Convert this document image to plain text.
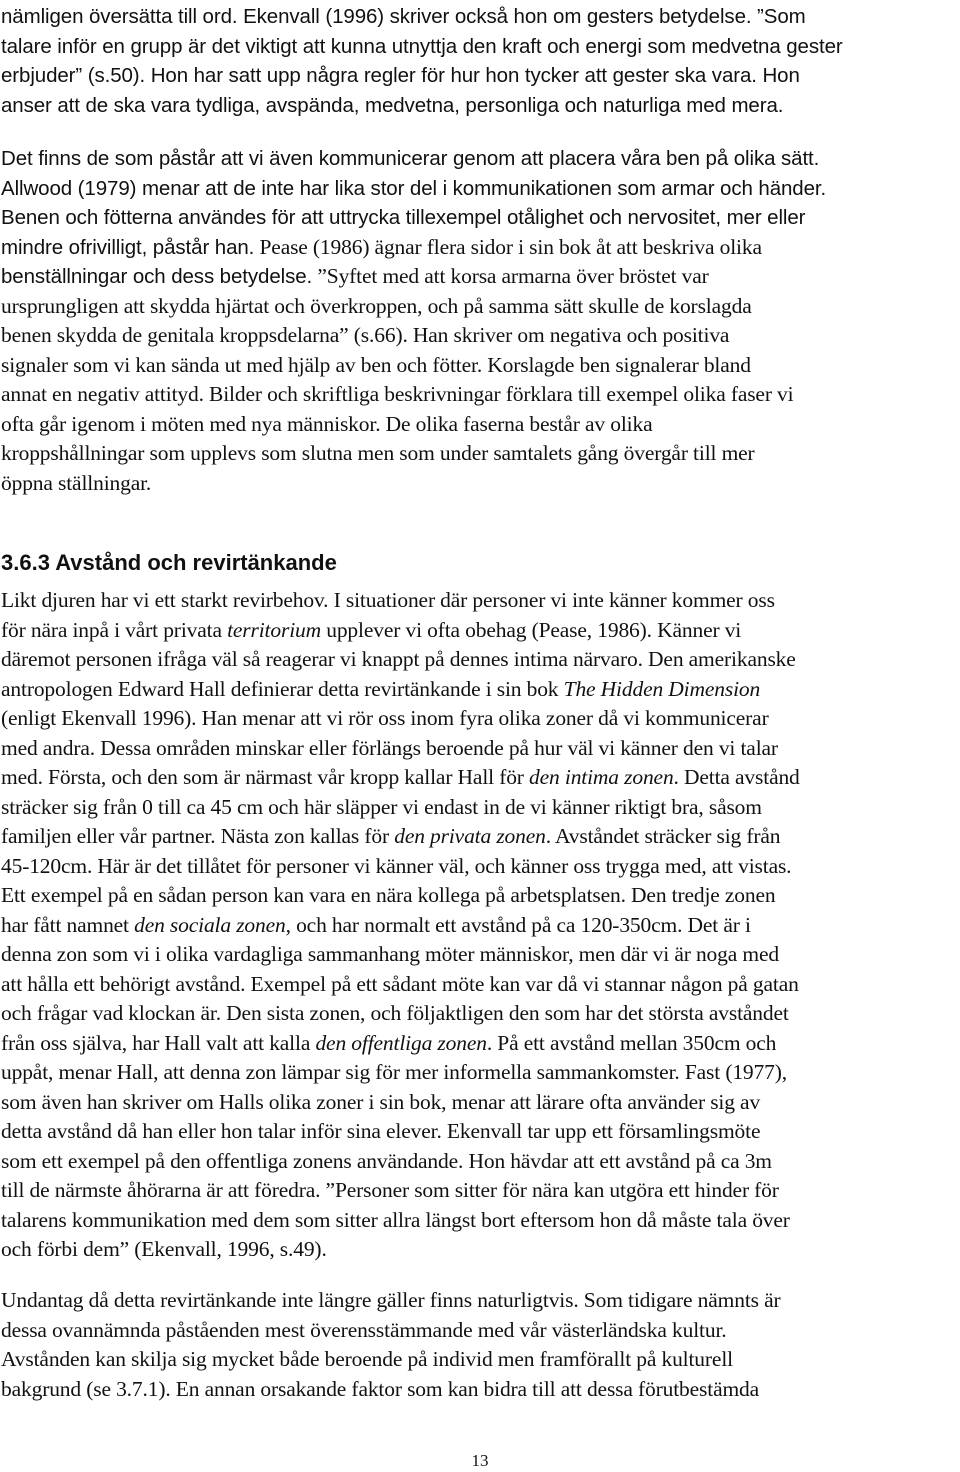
nämligen översätta till ord. Ekenvall (1996) skriver också hon om gesters betydelse. ”Som
talare inför en grupp är det viktigt att kunna utnyttja den kraft och energi som medvetna gester
erbjuder” (s.50). Hon har satt upp några regler för hur hon tycker att gester ska vara. Hon
anser att de ska vara tydliga, avspända, medvetna, personliga och naturliga med mera.
Det finns de som påstår att vi även kommunicerar genom att placera våra ben på olika sätt.
Allwood (1979) menar att de inte har lika stor del i kommunikationen som armar och händer.
Benen och fötterna användes för att uttrycka tillexempel otålighet och nervositet, mer eller
mindre ofrivilligt, påstår han. Pease (1986) ägnar flera sidor i sin bok åt att beskriva olika
benställningar och dess betydelse. ”Syftet med att korsa armarna över bröstet var
ursprungligen att skydda hjärtat och överkroppen, och på samma sätt skulle de korslagda
benen skydda de genitala kroppsdelarna” (s.66). Han skriver om negativa och positiva
signaler som vi kan sända ut med hjälp av ben och fötter. Korslagde ben signalerar bland
annat en negativ attityd. Bilder och skriftliga beskrivningar förklara till exempel olika faser vi
ofta går igenom i möten med nya människor. De olika faserna består av olika
kroppshållningar som upplevs som slutna men som under samtalets gång övergår till mer
öppna ställningar.
3.6.3 Avstånd och revirtänkande
Likt djuren har vi ett starkt revirbehov. I situationer där personer vi inte känner kommer oss
för nära inpå i vårt privata territorium upplever vi ofta obehag (Pease, 1986). Känner vi
däremot personen ifråga väl så reagerar vi knappt på dennes intima närvaro. Den amerikanske
antropologen Edward Hall definierar detta revirtänkande i sin bok The Hidden Dimension
(enligt Ekenvall 1996). Han menar att vi rör oss inom fyra olika zoner då vi kommunicerar
med andra. Dessa områden minskar eller förlängs beroende på hur väl vi känner den vi talar
med. Första, och den som är närmast vår kropp kallar Hall för den intima zonen. Detta avstånd
sträcker sig från 0 till ca 45 cm och här släpper vi endast in de vi känner riktigt bra, såsom
familjen eller vår partner. Nästa zon kallas för den privata zonen. Avståndet sträcker sig från
45-120cm. Här är det tillåtet för personer vi känner väl, och känner oss trygga med, att vistas.
Ett exempel på en sådan person kan vara en nära kollega på arbetsplatsen. Den tredje zonen
har fått namnet den sociala zonen, och har normalt ett avstånd på ca 120-350cm. Det är i
denna zon som vi i olika vardagliga sammanhang möter människor, men där vi är noga med
att hålla ett behörigt avstånd. Exempel på ett sådant möte kan var då vi stannar någon på gatan
och frågar vad klockan är. Den sista zonen, och följaktligen den som har det största avståndet
från oss själva, har Hall valt att kalla den offentliga zonen. På ett avstånd mellan 350cm och
uppåt, menar Hall, att denna zon lämpar sig för mer informella sammankomster. Fast (1977),
som även han skriver om Halls olika zoner i sin bok, menar att lärare ofta använder sig av
detta avstånd då han eller hon talar inför sina elever. Ekenvall tar upp ett församlingsmöte
som ett exempel på den offentliga zonens användande. Hon hävdar att ett avstånd på ca 3m
till de närmste åhörarna är att föredra. ”Personer som sitter för nära kan utgöra ett hinder för
talarens kommunikation med dem som sitter allra längst bort eftersom hon då måste tala över
och förbi dem” (Ekenvall, 1996, s.49).
Undantag då detta revirtänkande inte längre gäller finns naturligtvis. Som tidigare nämnts är
dessa ovannämnda påståenden mest överensstämmande med vår västerländska kultur.
Avstånden kan skilja sig mycket både beroende på individ men framförallt på kulturell
bakgrund (se 3.7.1). En annan orsakande faktor som kan bidra till att dessa förutbestämda
13
